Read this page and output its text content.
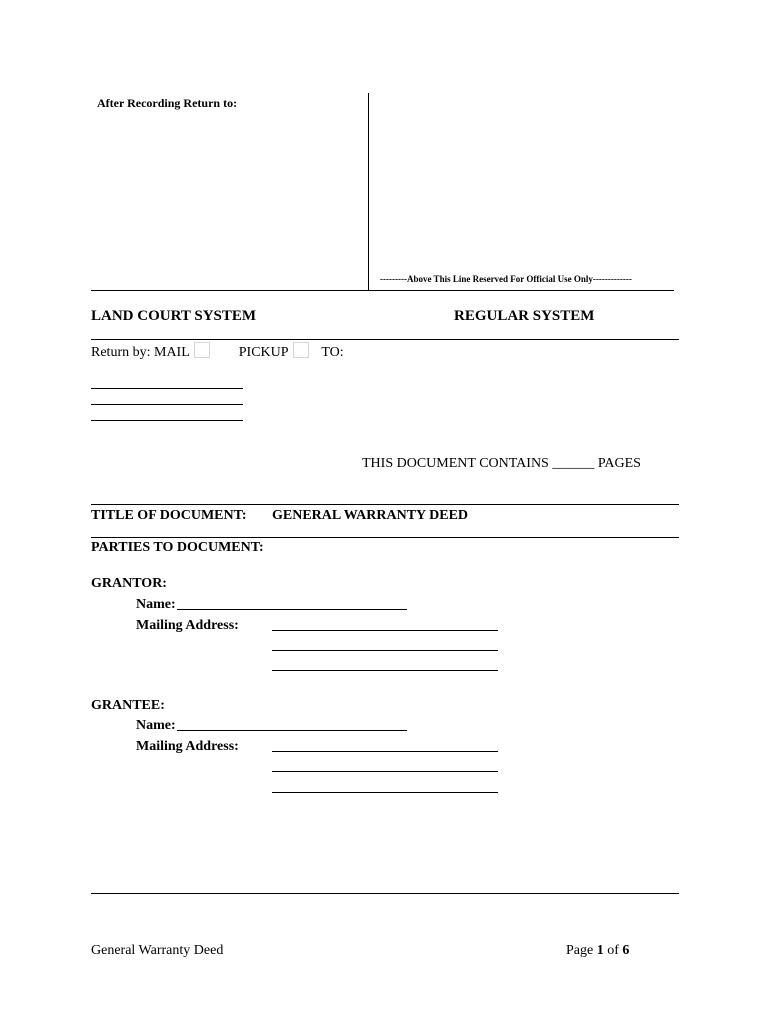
After Recording Return to:
---------Above This Line Reserved For Official Use Only-------------
LAND COURT SYSTEM	REGULAR SYSTEM
Return by: MAIL	PICKUP TO:
THIS DOCUMENT CONTAINS ______ PAGES
TITLE OF DOCUMENT: GENERAL WARRANTY DEED
PARTIES TO DOCUMENT:
GRANTOR:
Name:
Mailing Address:
GRANTEE:
Name:
Mailing Address:
General Warranty Deed	Page 1 of 6
